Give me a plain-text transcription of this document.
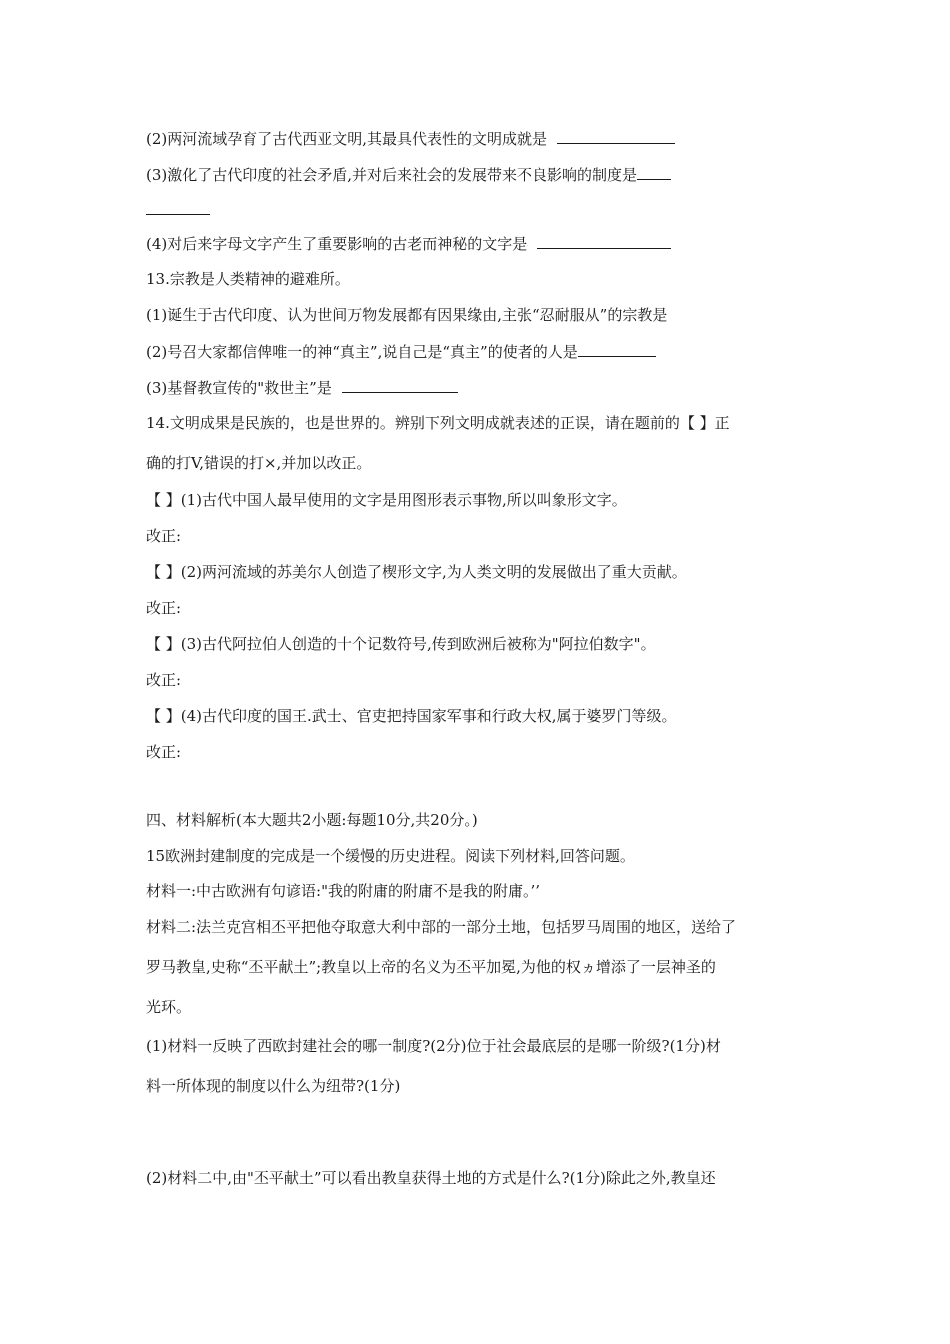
(2)两河流域孕育了古代西亚文明,其最具代表性的文明成就是
(3)激化了古代印度的社会矛盾,并对后来社会的发展带来不良影响的制度是
(4)对后来字母文字产生了重要影响的古老而神秘的文字是
13.宗教是人类精神的避难所。
(1)诞生于古代印度、认为世间万物发展都有因果缘由,主张“忍耐服从”的宗教是
(2)号召大家都信俾唯一的神“真主”,说自己是“真主”的使者的人是
(3)基督教宣传的"救世主”是
14.文明成果是民族的，也是世界的。辨别下列文明成就表述的正误，请在题前的【 】正
确的打V,错误的打×,并加以改正。
【 】(1)古代中国人最早使用的文字是用图形表示事物,所以叫象形文字。
改正:
【 】(2)两河流域的苏美尔人创造了楔形文字,为人类文明的发展做出了重大贡献。
改正:
【 】(3)古代阿拉伯人创造的十个记数符号,传到欧洲后被称为"阿拉伯数字"。
改正:
【 】(4)古代印度的国王.武士、官吏把持国家军事和行政大权,属于婆罗门等级。
改正:
四、材料解析(本大题共2小题:每题10分,共20分。)
15欧洲封建制度的完成是一个缓慢的历史进程。阅读下列材料,回答问题。
材料一:中古欧洲有句谚语:"我的附庸的附庸不是我的附庸。’’
材料二:法兰克宫相丕平把他夺取意大利中部的一部分土地，包括罗马周围的地区，送给了
罗马教皇,史称“丕平献土”;教皇以上帝的名义为丕平加冕,为他的权ヵ增添了一层神圣的
光环。
(1)材料一反映了西欧封建社会的哪一制度?(2分)位于社会最底层的是哪一阶级?(1分)材
料一所体现的制度以什么为纽带?(1分)
(2)材料二中,由"丕平献土”可以看出教皇获得土地的方式是什么?(1分)除此之外,教皇还
